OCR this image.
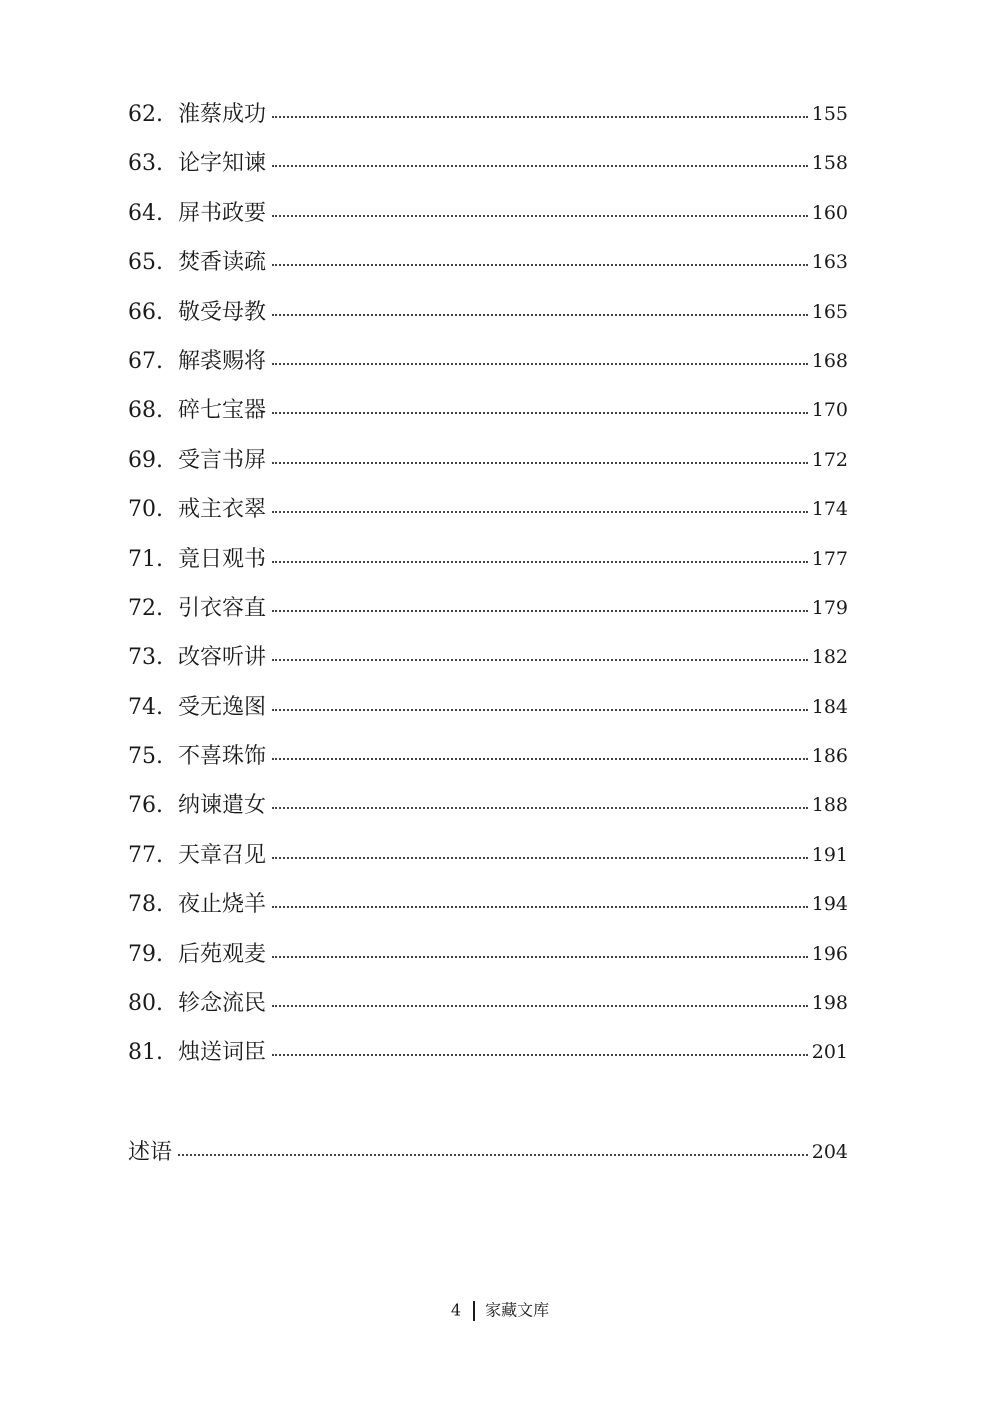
62. 淮蔡成功	155
63. 论字知谏	158
64. 屏书政要	160
65. 焚香读疏	163
66. 敬受母教	165
67. 解裘赐将	168
68. 碎七宝器	170
69. 受言书屏	172
70. 戒主衣翠	174
71. 竟日观书	177
72. 引衣容直	179
73. 改容听讲	182
74. 受无逸图	184
75. 不喜珠饰	186
76. 纳谏遣女	188
77. 天章召见	191
78. 夜止烧羊	194
79. 后苑观麦	196
80. 轸念流民	198
81. 烛送词臣	201
述语	204
4 家藏文库
